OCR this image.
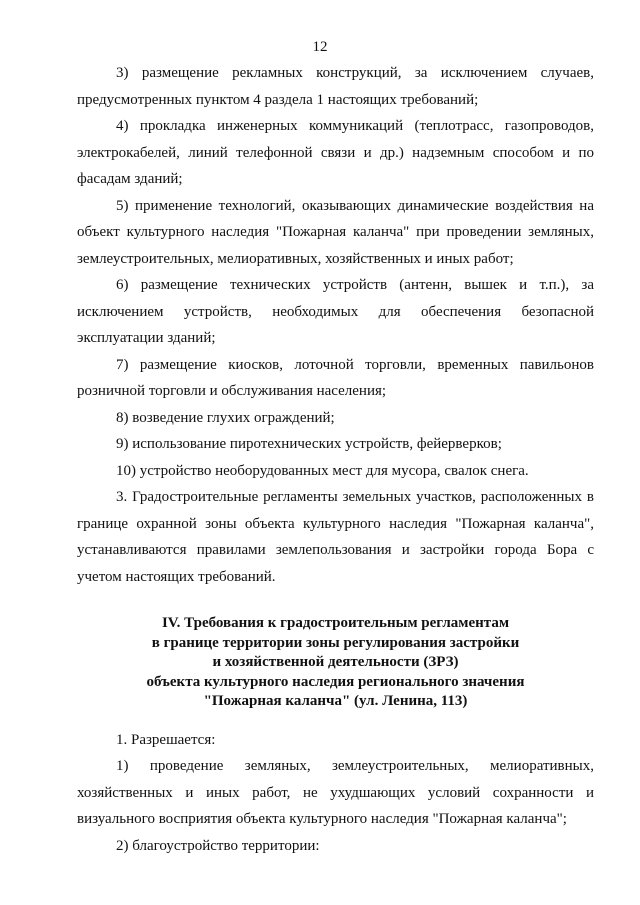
12

3) размещение рекламных конструкций, за исключением случаев, предусмотренных пунктом 4 раздела 1 настоящих требований;

4) прокладка инженерных коммуникаций (теплотрасс, газопроводов, электрокабелей, линий телефонной связи и др.) надземным способом и по фасадам зданий;

5) применение технологий, оказывающих динамические воздействия на объект культурного наследия "Пожарная каланча" при проведении земляных, землеустроительных, мелиоративных, хозяйственных и иных работ;

6) размещение технических устройств (антенн, вышек и т.п.), за исключением устройств, необходимых для обеспечения безопасной эксплуатации зданий;

7) размещение киосков, лоточной торговли, временных павильонов розничной торговли и обслуживания населения;

8) возведение глухих ограждений;

9) использование пиротехнических устройств, фейерверков;

10) устройство необорудованных мест для мусора, свалок снега.

3. Градостроительные регламенты земельных участков, расположенных в границе охранной зоны объекта культурного наследия "Пожарная каланча", устанавливаются правилами землепользования и застройки города Бора с учетом настоящих требований.

IV. Требования к градостроительным регламентам
в границе территории зоны регулирования застройки
и хозяйственной деятельности (ЗРЗ)
объекта культурного наследия регионального значения
"Пожарная каланча" (ул. Ленина, 113)

1. Разрешается:

1) проведение земляных, землеустроительных, мелиоративных, хозяйственных и иных работ, не ухудшающих условий сохранности и визуального восприятия объекта культурного наследия "Пожарная каланча";

2) благоустройство территории:
